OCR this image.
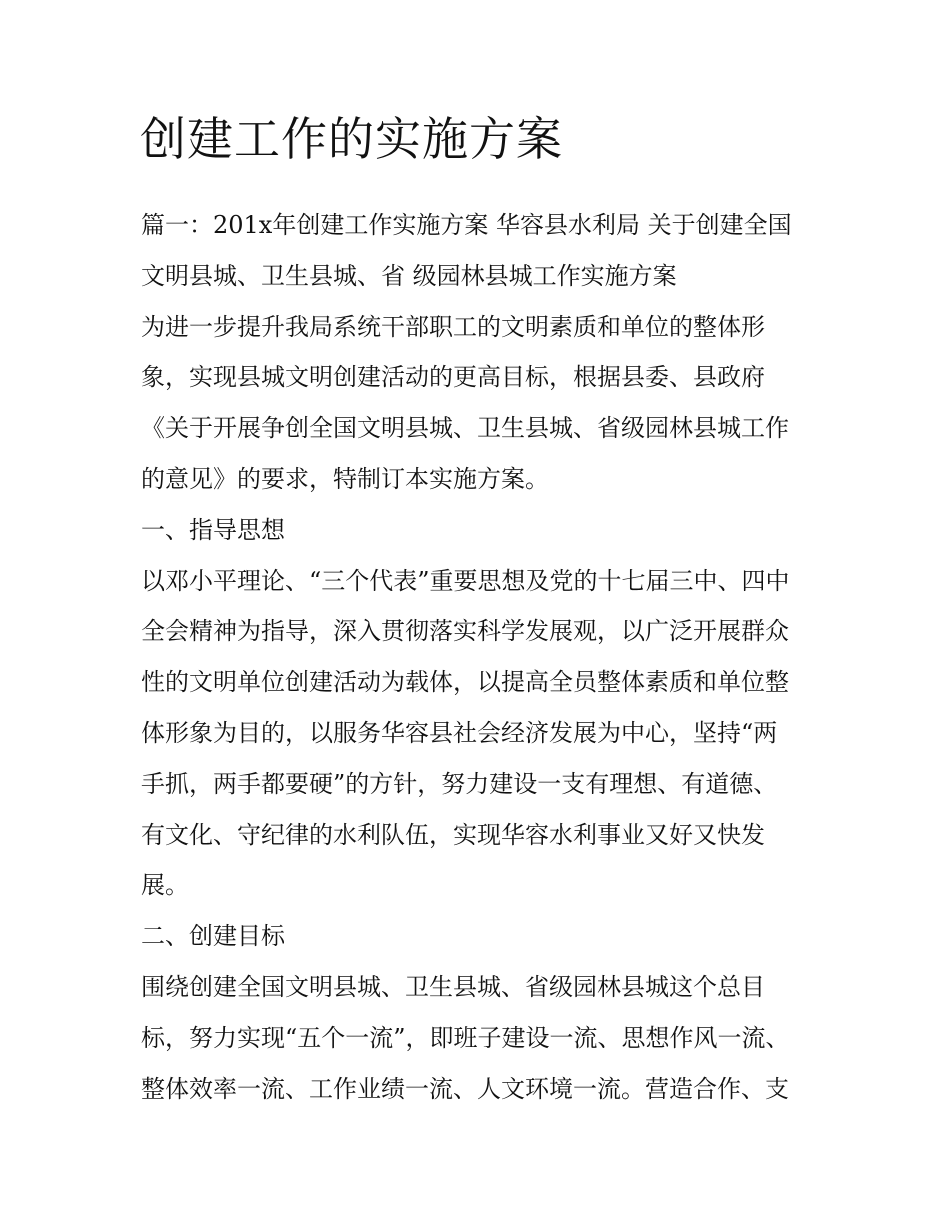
创建工作的实施方案
篇一：201x年创建工作实施方案 华容县水利局 关于创建全国
文明县城、卫生县城、省 级园林县城工作实施方案
为进一步提升我局系统干部职工的文明素质和单位的整体形
象，实现县城文明创建活动的更高目标，根据县委、县政府
《关于开展争创全国文明县城、卫生县城、省级园林县城工作
的意见》的要求，特制订本实施方案。
一、指导思想
以邓小平理论、“三个代表”重要思想及党的十七届三中、四中
全会精神为指导，深入贯彻落实科学发展观，以广泛开展群众
性的文明单位创建活动为载体，以提高全员整体素质和单位整
体形象为目的，以服务华容县社会经济发展为中心，坚持“两
手抓，两手都要硬”的方针，努力建设一支有理想、有道德、
有文化、守纪律的水利队伍，实现华容水利事业又好又快发
展。
二、创建目标
围绕创建全国文明县城、卫生县城、省级园林县城这个总目
标，努力实现“五个一流”，即班子建设一流、思想作风一流、
整体效率一流、工作业绩一流、人文环境一流。营造合作、支
